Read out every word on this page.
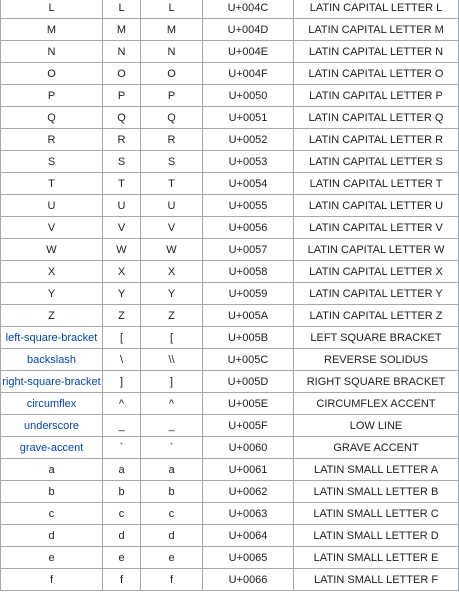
L	L	L	U+004C	LATIN CAPITAL LETTER L
M	M	M	U+004D	LATIN CAPITAL LETTER M
N	N	N	U+004E	LATIN CAPITAL LETTER N
O	O	O	U+004F	LATIN CAPITAL LETTER O
P	P	P	U+0050	LATIN CAPITAL LETTER P
Q	Q	Q	U+0051	LATIN CAPITAL LETTER Q
R	R	R	U+0052	LATIN CAPITAL LETTER R
S	S	S	U+0053	LATIN CAPITAL LETTER S
T	T	T	U+0054	LATIN CAPITAL LETTER T
U	U	U	U+0055	LATIN CAPITAL LETTER U
V	V	V	U+0056	LATIN CAPITAL LETTER V
W	W	W	U+0057	LATIN CAPITAL LETTER W
X	X	X	U+0058	LATIN CAPITAL LETTER X
Y	Y	Y	U+0059	LATIN CAPITAL LETTER Y
Z	Z	Z	U+005A	LATIN CAPITAL LETTER Z
left-square-bracket	[	[	U+005B	LEFT SQUARE BRACKET
backslash	\	\\	U+005C	REVERSE SOLIDUS
right-square-bracket	]	]	U+005D	RIGHT SQUARE BRACKET
circumflex	^	^	U+005E	CIRCUMFLEX ACCENT
underscore	_	_	U+005F	LOW LINE
grave-accent	`	`	U+0060	GRAVE ACCENT
a	a	a	U+0061	LATIN SMALL LETTER A
b	b	b	U+0062	LATIN SMALL LETTER B
c	c	c	U+0063	LATIN SMALL LETTER C
d	d	d	U+0064	LATIN SMALL LETTER D
e	e	e	U+0065	LATIN SMALL LETTER E
f	f	f	U+0066	LATIN SMALL LETTER F
